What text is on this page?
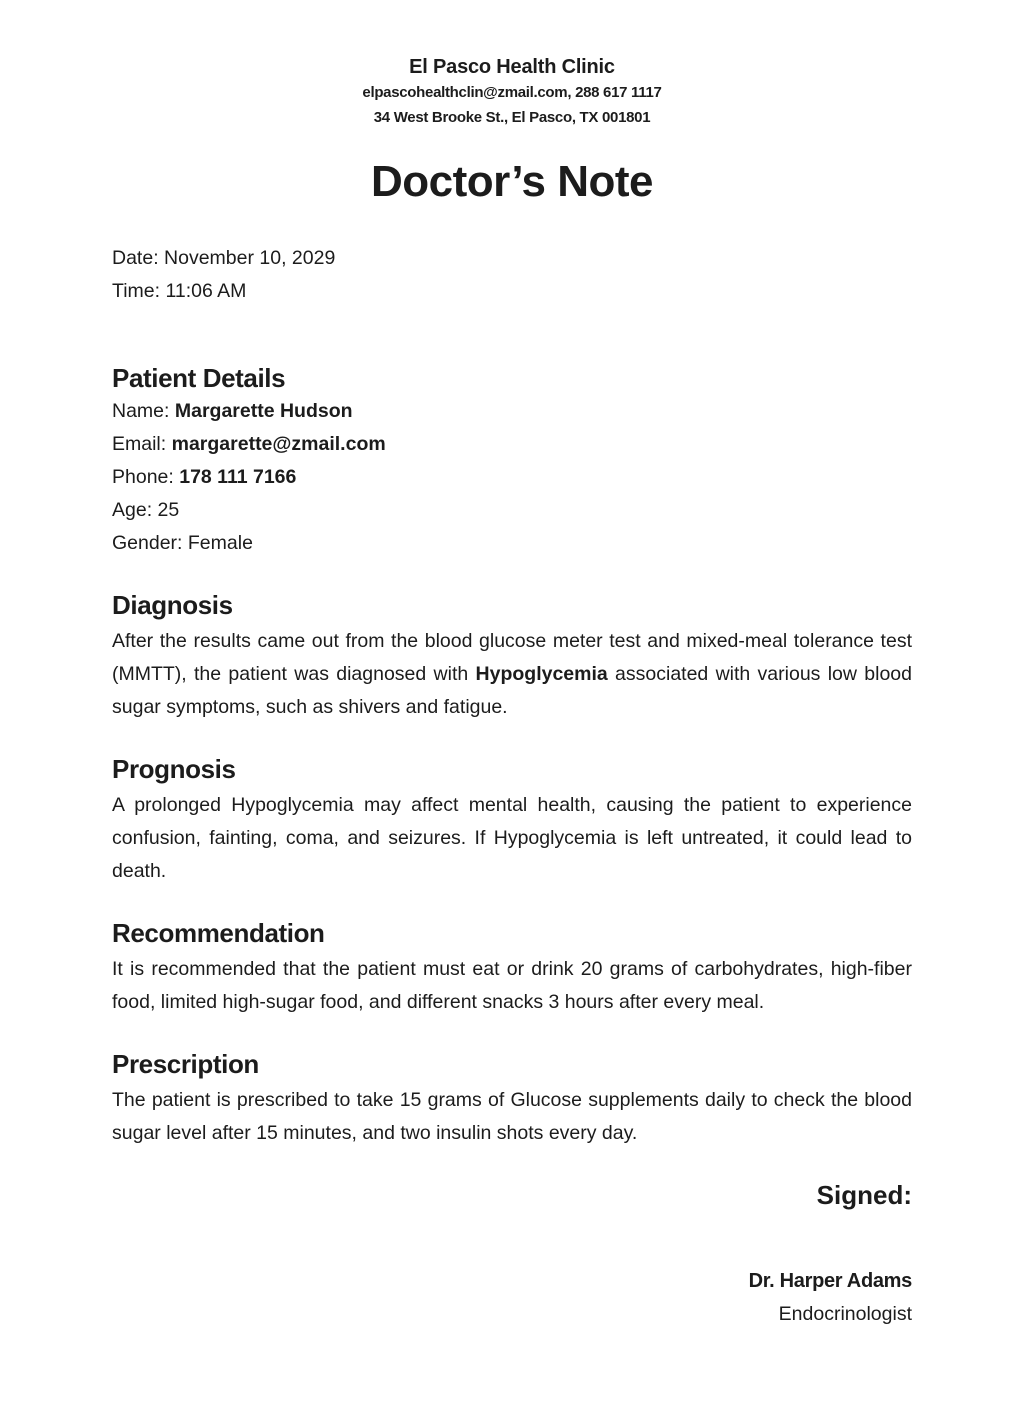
El Pasco Health Clinic
elpascohealthclin@zmail.com, 288 617 1117
34 West Brooke St., El Pasco, TX 001801
Doctor’s Note
Date: November 10, 2029
Time: 11:06 AM
Patient Details
Name: Margarette Hudson
Email: margarette@zmail.com
Phone: 178 111 7166
Age: 25
Gender: Female
Diagnosis

After the results came out from the blood glucose meter test and mixed-meal tolerance test (MMTT), the patient was diagnosed with Hypoglycemia associated with various low blood sugar symptoms, such as shivers and fatigue.

Prognosis

A prolonged Hypoglycemia may affect mental health, causing the patient to experience confusion, fainting, coma, and seizures. If Hypoglycemia is left untreated, it could lead to death.

Recommendation

It is recommended that the patient must eat or drink 20 grams of carbohydrates, high-fiber food, limited high-sugar food, and different snacks 3 hours after every meal.

Prescription

The patient is prescribed to take 15 grams of Glucose supplements daily to check the blood sugar level after 15 minutes, and two insulin shots every day.

Signed:
Dr. Harper Adams
Endocrinologist
